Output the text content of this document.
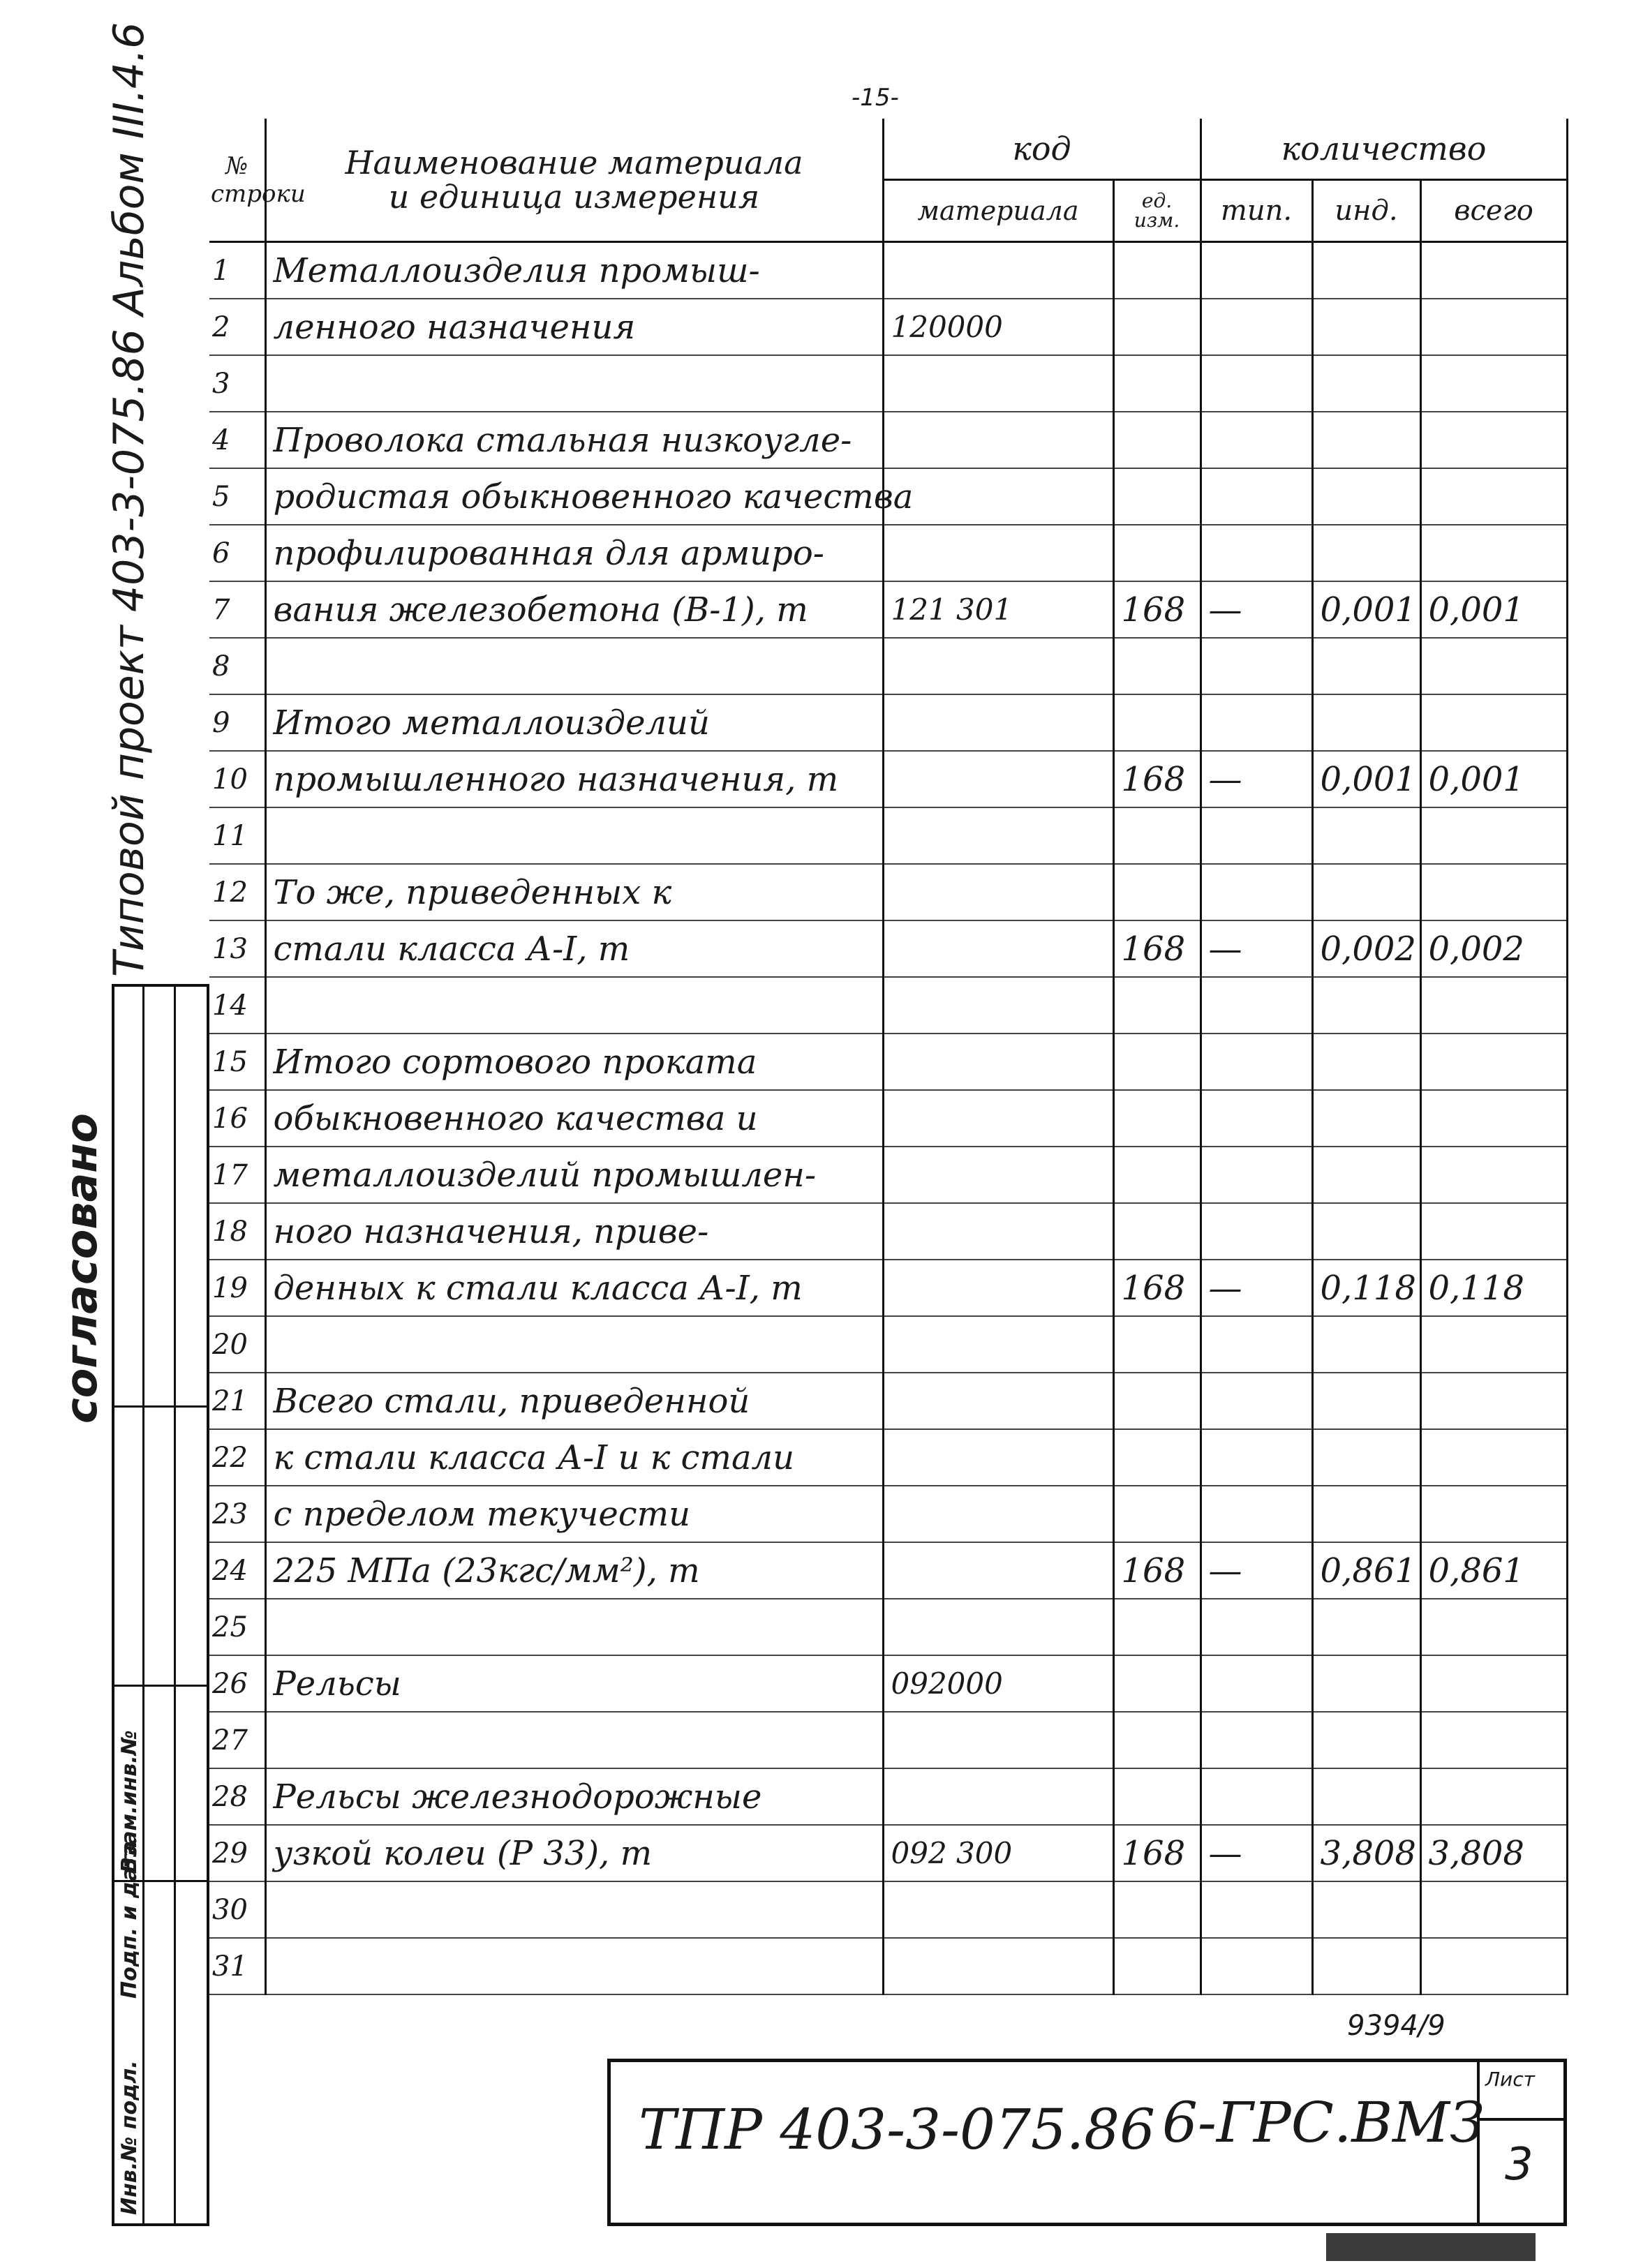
-15-
Типовой проект 403-3-075.86 Альбом III.4.6
Инв.№ подл.
Подп. и дата
Взам.инв.№
согласовано
№ строки	Наименование материала
и единица измерения	код		количество		
		материала	ед. изм.	тип.	инд.	всего
1	Металлоизделия промыш-					
2	ленного назначения	120000				
3						
4	Проволока стальная низкоугле-					
5	родистая обыкновенного качества					
6	профилированная для армиро-					
7	вания железобетона (В-1), т	121 301	168	—	0,001	0,001
8						
9	Итого металлоизделий					
10	промышленного назначения, т		168	—	0,001	0,001
11						
12	То же, приведенных к					
13	стали класса А-I, т		168	—	0,002	0,002
14						
15	Итого сортового проката					
16	обыкновенного качества и					
17	металлоизделий промышлен-					
18	ного назначения, приве-					
19	денных к стали класса А-I, т		168	—	0,118	0,118
20						
21	Всего стали, приведенной					
22	к стали класса А-I и к стали					
23	с пределом текучести					
24	225 МПа (23кгс/мм²), т		168	—	0,861	0,861
25						
26	Рельсы	092000				
27						
28	Рельсы железнодорожные					
29	узкой колеи (Р 33), т	092 300	168	—	3,808	3,808
30						
31						
9394/9
ТПР 403-3-075.86 6-ГРС.ВМЗ
Лист
3
